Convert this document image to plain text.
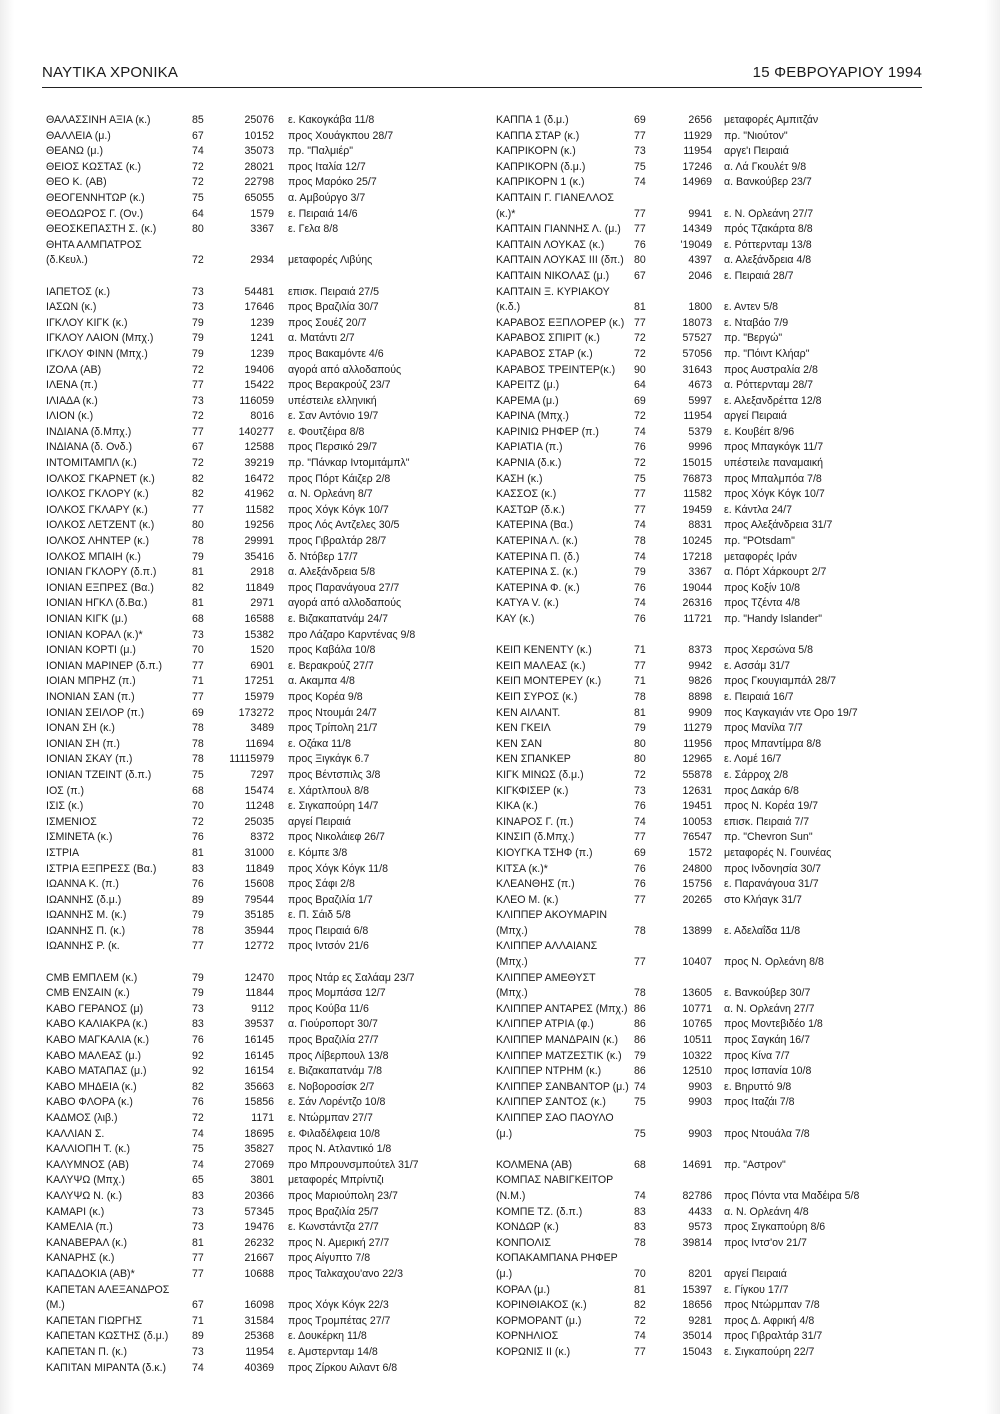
ΝΑΥΤΙΚΑ ΧΡΟΝΙΚΑ	15 ΦΕΒΡΟΥΑΡΙΟΥ 1994
ΘΑΛΑΣΣΙΝΗ ΑΞΙΑ (κ.)	85	25076 ε. Κακογκάβα 11/8
ΘΑΛΛΕΙΑ (μ.)	67	10152 προς Χουάγκπου 28/7
ΘΕΑΝΩ (μ.)	74	35073 πρ. "Παλμιέρ"
ΘΕΙΟΣ ΚΩΣΤΑΣ (κ.)	72	28021 προς Ιταλία 12/7
ΘΕΟ Κ. (ΑΒ)	72	22798 προς Μαρόκο 25/7
ΘΕΟΓΕΝΝΗΤΩΡ (κ.)	75	65055 α. Αμβούργο 3/7
ΘΕΟΔΩΡΟΣ Γ. (Ον.)	64	1579 ε. Πειραιά 14/6
ΘΕΟΣΚΕΠΑΣΤΗ Σ. (κ.)	80	3367 ε. Γελα 8/8
ΘΗΤΑ ΑΛΜΠΑΤΡΟΣ
(δ.Κευλ.)	72	2934 μεταφορές Λιβύης
ΙΑΠΕΤΟΣ (κ.)	73	54481 επισκ. Πειραιά 27/5
ΙΑΣΩΝ (κ.)	73	17646 προς Βραζιλία 30/7
ΙΓΚΛΟΥ ΚΙΓΚ (κ.)	79	1239 προς Σουέζ 20/7
ΙΓΚΛΟΥ ΛΑΙΟΝ (Μπχ.)	79	1241 α. Ματάντι 2/7
ΙΓΚΛΟΥ ΦΙΝΝ (Μπχ.)	79	1239 προς Βακαμόντε 4/6
ΙΖΟΛΑ (ΑΒ)	72	19406 αγορά από αλλοδαπούς
ΙΛΕΝΑ (π.)	77	15422 προς Βερακρούζ 23/7
ΙΛΙΑΔΑ (κ.)	73	116059 υπέστειλε ελληνική
ΙΛΙΟΝ (κ.)	72	8016 ε. Σαν Αντόνιο 19/7
ΙΝΔΙΑΝΑ (δ.Μπχ.)	77	140277 ε. Φουτζέιρα 8/8
ΙΝΔΙΑΝΑ (δ. Ονδ.)	67	12588 προς Περσικό 29/7
ΙΝΤΟΜΙΤΑΜΠΛ (κ.)	72	39219 πρ. "Πάνκαρ Ιντομιτάμπλ"
ΙΟΛΚΟΣ ΓΚΑΡΝΕΤ (κ.)	82	16472 προς Πόρτ Κάιζερ 2/8
ΙΟΛΚΟΣ ΓΚΛΟΡΥ (κ.)	82	41962 α. Ν. Ορλεάνη 8/7
ΙΟΛΚΟΣ ΓΚΛΑΡΥ (κ.)	77	11582 προς Χόγκ Κόγκ 10/7
ΙΟΛΚΟΣ ΛΕΤΖΕΝΤ (κ.)	80	19256 προς Λός Αντζελες 30/5
ΙΟΛΚΟΣ ΛΗΝΤΕΡ (κ.)	78	29991 προς Γιβραλτάρ 28/7
ΙΟΛΚΟΣ ΜΠΑΙΗ (κ.)	79	35416 δ. Ντόβερ 17/7
ΙΟΝΙΑΝ ΓΚΛΟΡΥ (δ.π.)	81	2918 α. Αλεξάνδρεια 5/8
ΙΟΝΙΑΝ ΕΞΠΡΕΣ (Βα.)	82	11849 προς Παρανάγουα 27/7
ΙΟΝΙΑΝ ΗΓΚΛ (δ.Βα.)	81	2971 αγορά από αλλοδαπούς
ΙΟΝΙΑΝ ΚΙΓΚ (μ.)	68	16588 ε. Βιζακαπατνάμ 24/7
ΙΟΝΙΑΝ ΚΟΡΑΛ (κ.)*	73	15382 προ Λάζαρο Καρντένας 9/8
ΙΟΝΙΑΝ ΚΟΡΤΙ (μ.)	70	1520 προς Καβάλα 10/8
ΙΟΝΙΑΝ ΜΑΡΙΝΕΡ (δ.π.)	77	6901 ε. Βερακρούζ 27/7
ΙΟΙΑΝ ΜΠΡΗΖ (π.)	71	17251 α. Ακαμπα 4/8
ΙΝΟΝΙΑΝ ΣΑΝ (π.)	77	15979 προς Κορέα 9/8
ΙΟΝΙΑΝ ΣΕΙΛΟΡ (π.)	69	173272 προς Ντουμάι 24/7
ΙΟΝΑΝ ΣΗ (κ.)	78	3489 προς Τρίπολη 21/7
ΙΟΝΙΑΝ ΣΗ (π.)	78	11694 ε. Οζάκα 11/8
ΙΟΝΙΑΝ ΣΚΑΥ (π.)	78	11115979 προς Ξιγκάγκ 6.7
ΙΟΝΙΑΝ ΤΖΕΙΝΤ (δ.π.)	75	7297 προς Βέντσπιλς 3/8
ΙΟΣ (π.)	68	15474 ε. Χάρτλπουλ 8/8
ΙΣΙΣ (κ.)	70	11248 ε. Σιγκαπούρη 14/7
ΙΣΜΕΝΙΟΣ	72	25035 αργεί Πειραιά
ΙΣΜΙΝΕΤΑ (κ.)	76	8372 προς Νικολάιεφ 26/7
ΙΣΤΡΙΑ	81	31000 ε. Κόμπε 3/8
ΙΣΤΡΙΑ ΕΞΠΡΕΣΣ (Βα.)	83	11849 προς Χόγκ Κόγκ 11/8
ΙΩΑΝΝΑ Κ. (π.)	76	15608 προς Σάφι 2/8
ΙΩΑΝΝΗΣ (δ.μ.)	89	79544 προς Βραζιλία 1/7
ΙΩΑΝΝΗΣ Μ. (κ.)	79	35185 ε. Π. Σάιδ 5/8
ΙΩΑΝΝΗΣ Π. (κ.)	78	35944 προς Πειραιά 6/8
ΙΩΑΝΝΗΣ Ρ. (κ.	77	12772 προς Ιντσόν 21/6
CMB ΕΜΠΛΕΜ (κ.)	79	12470 προς Ντάρ ες Σαλάαμ 23/7
CMB ΕΝΣΑΙΝ (κ.)	79	11844 προς Μομπάσα 12/7
ΚΑΒΟ ΓΕΡΑΝΟΣ (μ)	73	9112 προς Κούβα 11/6
ΚΑΒΟ ΚΑΛΙΑΚΡΑ (κ.)	83	39537 α. Γιούροπορτ 30/7
ΚΑΒΟ ΜΑΓΚΑΛΙΑ (κ.)	76	16145 προς Βραζιλία 27/7
ΚΑΒΟ ΜΑΛΕΑΣ (μ.)	92	16145 προς Λίβερπουλ 13/8
ΚΑΒΟ ΜΑΤΑΠΑΣ (μ.)	92	16154 ε. Βιζακαπατνάμ 7/8
ΚΑΒΟ ΜΗΔΕΙΑ (κ.)	82	35663 ε. Νοβοροσίσκ 2/7
ΚΑΒΟ ΦΛΟΡΑ (κ.)	76	15856 ε. Σάν Λορέντζο 10/8
ΚΑΔΜΟΣ (λιβ.)	72	1171 ε. Ντώρμπαν 27/7
ΚΑΛΛΙΑΝ Σ.	74	18695 ε. Φιλαδέλφεια 10/8
ΚΑΛΛΙΟΠΗ Τ. (κ.)	75	35827 προς Ν. Ατλαντικό 1/8
ΚΑΛΥΜΝΟΣ (ΑΒ)	74	27069 προ Μπρουνσμπούτελ 31/7
ΚΑΛΥΨΩ (Μπχ.)	65	3801 μεταφορές Μπρίντιζι
ΚΑΛΥΨΩ Ν. (κ.)	83	20366 προς Μαριούπολη 23/7
ΚΑΜΑΡΙ (κ.)	73	57345 προς Βραζιλία 25/7
ΚΑΜΕΛΙΑ (π.)	73	19476 ε. Κωνστάντζα 27/7
ΚΑΝΑΒΕΡΑΛ (κ.)	81	26232 προς Ν. Αμερική 27/7
ΚΑΝΑΡΗΣ (κ.)	77	21667 προς Αίγυπτο 7/8
ΚΑΠΑΔΟΚΙΑ (ΑΒ)*	77	10688 προς Ταλκαχου'ανο 22/3
ΚΑΠΕΤΑΝ ΑΛΕΞΑΝΔΡΟΣ
(Μ.)	67	16098 προς Χόγκ Κόγκ 22/3
ΚΑΠΕΤΑΝ ΓΙΩΡΓΗΣ	71	31584 προς Τρομπέτας 27/7
ΚΑΠΕΤΑΝ ΚΩΣΤΗΣ (δ.μ.) 89	25368 ε. Δουκέρκη 11/8
ΚΑΠΕΤΑΝ Π. (κ.)	73	11954 ε. Αμστερνταμ 14/8
ΚΑΠΙΤΑΝ ΜΙΡΑΝΤΑ (δ.κ.) 74	40369 προς Ζίρκου Αιλαντ 6/8
ΚΑΠΠΑ 1 (δ.μ.)	69	2656 μεταφορές Αμπιτζάν
ΚΑΠΠΑ ΣΤΑΡ (κ.)	77	11929 πρ. "Νιούτον"
ΚΑΠΡΙΚΟΡΝ (κ.)	73	11954 αργε'ι Πειραιά
ΚΑΠΡΙΚΟΡΝ (δ.μ.)	75	17246 α. Λά Γκουλέτ 9/8
ΚΑΠΡΙΚΟΡΝ 1 (κ.)	74	14969 α. Βανκούβερ 23/7
ΚΑΠΤΑΙΝ Γ. ΓΙΑΝΕΛΛΟΣ
(κ.)*	77	9941 ε. Ν. Ορλεάνη 27/7
ΚΑΠΤΑΙΝ ΓΙΑΝΝΗΣ Λ. (μ.) 77	14349 πρός Τζακάρτα 8/8
ΚΑΠΤΑΙΝ ΛΟΥΚΑΣ (κ.)	76	'19049 ε. Ρόττερνταμ 13/8
ΚΑΠΤΑΙΝ ΛΟΥΚΑΣ ΙΙΙ (δπ.) 80	4397 α. Αλεξάνδρεια 4/8
ΚΑΠΤΑΙΝ ΝΙΚΟΛΑΣ (μ.) 67	2046 ε. Πειραιά 28/7
ΚΑΠΤΑΙΝ Ξ. ΚΥΡΙΑΚΟΥ
(κ.δ.)	81	1800 ε. Αντεν 5/8
ΚΑΡΑΒΟΣ ΕΞΠΛΟΡΕΡ (κ.) 77	18073 ε. Νταβάο 7/9
ΚΑΡΑΒΟΣ ΣΠΙΡΙΤ (κ.)	72	57527 πρ. "Βεργώ"
ΚΑΡΑΒΟΣ ΣΤΑΡ (κ.)	72	57056 πρ. "Πόιντ Κλήαρ"
ΚΑΡΑΒΟΣ ΤΡΕΙΝΤΕΡ(κ.) 90	31643 προς Αυστραλία 2/8
ΚΑΡΕΙΤΖ (μ.)	64	4673 α. Ρόττερνταμ 28/7
ΚΑΡΕΜΑ (μ.)	69	5997 ε. Αλεξανδρέττα 12/8
ΚΑΡΙΝΑ (Μπχ.)	72	11954 αργεί Πειραιά
ΚΑΡΙΝΙΩ ΡΗΦΕΡ (π.)	74	5379 ε. Κουβέιτ 8/96
ΚΑΡΙΑΤΙΑ (π.)	76	9996 προς Μπαγκόγκ 11/7
ΚΑΡΝΙΑ (δ.κ.)	72	15015 υπέστειλε παναμαική
ΚΑΣΗ (κ.)	75	76873 προς Μπαλμπόα 7/8
ΚΑΣΣΟΣ (κ.)	77	11582 προς Χόγκ Κόγκ 10/7
ΚΑΣΤΩΡ (δ.κ.)	77	19459 ε. Κάντλα 24/7
ΚΑΤΕΡΙΝΑ (Βα.)	74	8831 προς Αλεξάνδρεια 31/7
ΚΑΤΕΡΙΝΑ Λ. (κ.)	78	10245 πρ. "POtsdam"
ΚΑΤΕΡΙΝΑ Π. (δ.)	74	17218 μεταφορές Ιράν
ΚΑΤΕΡΙΝΑ Σ. (κ.)	79	3367 α. Πόρτ Χάρκουρτ 2/7
ΚΑΤΕΡΙΝΑ Φ. (κ.)	76	19044 προς Κοξίν 10/8
ΚΑΤΥΑ V. (κ.)	74	26316 προς Τζέντα 4/8
ΚΑΥ (κ.)	76	11721 πρ. "Handy Islander"
ΚΕΙΠ ΚΕΝΕΝΤΥ (κ.)	71	8373 προς Χερσώνα 5/8
ΚΕΙΠ ΜΑΛΕΑΣ (κ.)	77	9942 ε. Ασσάμ 31/7
ΚΕΙΠ ΜΟΝΤΕΡΕΥ (κ.)	71	9826 προς Γκουγιαμπάλ 28/7
ΚΕΙΠ ΣΥΡΟΣ (κ.)	78	8898 ε. Πειραιά 16/7
ΚΕΝ ΑΙΛΑΝΤ.	81	9909 πος Καγκαγιάν ντε Ορο 19/7
ΚΕΝ ΓΚΕΙΛ	79	11279 προς Μανίλα 7/7
ΚΕΝ ΣΑΝ	80	11956 προς Μπαντίμρα 8/8
ΚΕΝ ΣΠΑΝΚΕΡ	80	12965 ε. Λομέ 16/7
ΚΙΓΚ ΜΙΝΩΣ (δ.μ.)	72	55878 ε. Σάρροχ 2/8
ΚΙΓΚΦΙΣΕΡ (κ.)	73	12631 προς Δακάρ 6/8
ΚΙΚΑ (κ.)	76	19451 προς Ν. Κορέα 19/7
ΚΙΝΑΡΟΣ Γ. (π.)	74	10053 επισκ. Πειραιά 7/7
ΚΙΝΣΙΠ (δ.Μπχ.)	77	76547 πρ. "Chevron Sun"
ΚΙΟΥΓΚΑ ΤΣΗΦ (π.)	69	1572 μεταφορές Ν. Γουινέας
ΚΙΤΣΑ (κ.)*	76	24800 προς Ινδονησία 30/7
ΚΛΕΑΝΘΗΣ (π.)	76	15756 ε. Παρανάγουα 31/7
ΚΛΕΟ Μ. (κ.)	77	20265 στο Κλήαγκ 31/7
ΚΛΙΠΠΕΡ ΑΚΟΥΜΑΡΙΝ
(Μπχ.)	78	13899 ε. Αδελαΐδα 11/8
ΚΛΙΠΠΕΡ ΑΛΛΑΙΑΝΣ
(Μπχ.)	77	10407 προς Ν. Ορλεάνη 8/8
ΚΛΙΠΠΕΡ ΑΜΕΘΥΣΤ
(Μπχ.)	78	13605 ε. Βανκούβερ 30/7
ΚΛΙΠΠΕΡ ΑΝΤΑΡΕΣ (Μπχ.) 86	10771 α. Ν. Ορλεάνη 27/7
ΚΛΙΠΠΕΡ ΑΤΡΙΑ (φ.)	86	10765 προς Μοντεβιδέο 1/8
ΚΛΙΠΠΕΡ ΜΑΝΔΡΑΙΝ (κ.) 86	10511 προς Σαγκάη 16/7
ΚΛΙΠΠΕΡ ΜΑΤΖΕΣΤΙΚ (κ.) 79	10322 προς Κίνα 7/7
ΚΛΙΠΠΕΡ ΝΤΡΗΜ (κ.)	86	12510 προς Ισπανία 10/8
ΚΛΙΠΠΕΡ ΣΑΝΒΑΝΤΟΡ (μ.) 74	9903 ε. Βηρυττό 9/8
ΚΛΙΠΠΕΡ ΣΑΝΤΟΣ (κ.)	75	9903 προς Ιταζάι 7/8
ΚΛΙΠΠΕΡ ΣΑΟ ΠΑΟΥΛΟ
(μ.)	75	9903 προς Ντουάλα 7/8
ΚΟΛΜΕΝΑ (ΑΒ)	68	14691 πρ. "Αστρον"
ΚΟΜΠΑΣ ΝΑΒΙΓΚΕΙΤΟΡ
(Ν.Μ.)	74	82786 προς Πόντα ντα Μαδέιρα 5/8
ΚΟΜΠΕ ΤΖ. (δ.π.)	83	4433 α. Ν. Ορλεάνη 4/8
ΚΟΝΔΩΡ (κ.)	83	9573 προς Σιγκαπούρη 8/6
ΚΟΝΠΟΛΙΣ	78	39814 προς Ιντσ'ον 21/7
ΚΟΠΑΚΑΜΠΑΝΑ ΡΗΦΕΡ
(μ.)	70	8201 αργεί Πειραιά
ΚΟΡΑΛ (μ.)	81	15397 ε. Γίγκου 17/7
ΚΟΡΙΝΘΙΑΚΟΣ (κ.)	82	18656 προς Ντώρμπαν 7/8
ΚΟΡΜΟΡΑΝΤ (μ.)	72	9281 προς Δ. Αφρική 4/8
ΚΟΡΝΗΛΙΟΣ	74	35014 προς Γιβραλτάρ 31/7
ΚΟΡΩΝΙΣ ΙΙ (κ.)	77	15043 ε. Σιγκαπούρη 22/7
